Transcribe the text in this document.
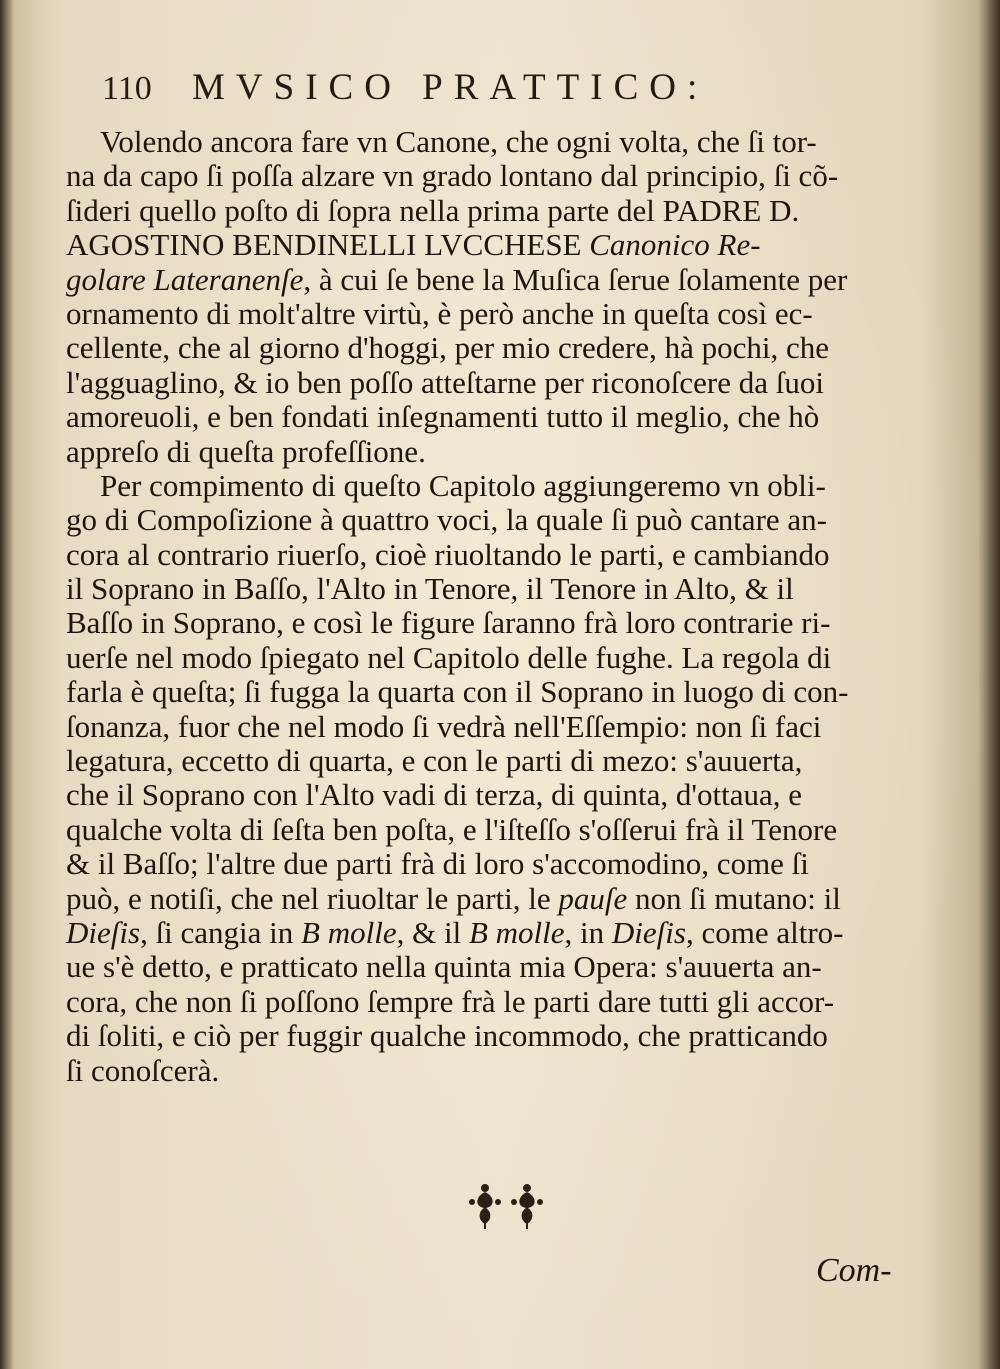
110 MVSICO PRATTICO:
Volendo ancora fare vn Canone, che ogni volta, che ſi tor-
na da capo ſi poſſa alzare vn grado lontano dal principio, ſi cõ-
ſideri quello poſto di ſopra nella prima parte del PADRE D.
AGOSTINO BENDINELLI LVCCHESE Canonico Re-
golare Lateranenſe, à cui ſe bene la Muſica ſerue ſolamente per
ornamento di molt'altre virtù, è però anche in queſta così ec-
cellente, che al giorno d'hoggi, per mio credere, hà pochi, che
l'agguaglino, & io ben poſſo atteſtarne per riconoſcere da ſuoi
amoreuoli, e ben fondati inſegnamenti tutto il meglio, che hò
appreſo di queſta profeſſione.
Per compimento di queſto Capitolo aggiungeremo vn obli-
go di Compoſizione à quattro voci, la quale ſi può cantare an-
cora al contrario riuerſo, cioè riuoltando le parti, e cambiando
il Soprano in Baſſo, l'Alto in Tenore, il Tenore in Alto, & il
Baſſo in Soprano, e così le figure ſaranno frà loro contrarie ri-
uerſe nel modo ſpiegato nel Capitolo delle fughe. La regola di
farla è queſta; ſi fugga la quarta con il Soprano in luogo di con-
ſonanza, fuor che nel modo ſi vedrà nell'Eſſempio: non ſi faci
legatura, eccetto di quarta, e con le parti di mezo: s'auuerta,
che il Soprano con l'Alto vadi di terza, di quinta, d'ottaua, e
qualche volta di ſeſta ben poſta, e l'iſteſſo s'oſſerui frà il Tenore
& il Baſſo; l'altre due parti frà di loro s'accomodino, come ſi
può, e notiſi, che nel riuoltar le parti, le pauſe non ſi mutano: il
Dieſis, ſi cangia in B molle, & il B molle, in Dieſis, come altro-
ue s'è detto, e pratticato nella quinta mia Opera: s'auuerta an-
cora, che non ſi poſſono ſempre frà le parti dare tutti gli accor-
di ſoliti, e ciò per fuggir qualche incommodo, che pratticando
ſi conoſcerà.
Com-
